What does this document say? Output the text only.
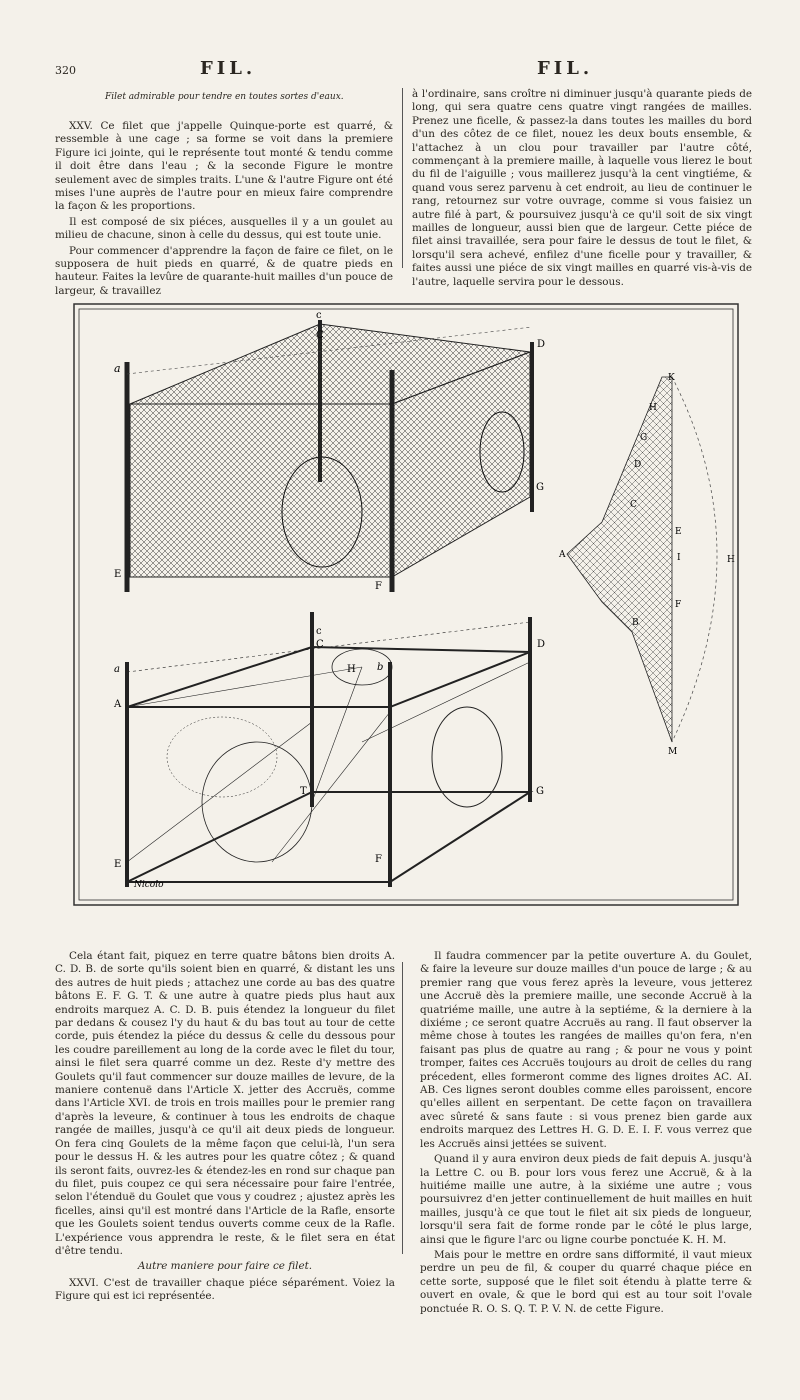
320	FIL.	FIL.
Filet admirable pour tendre en toutes sortes d'eaux.

XXV. Ce filet que j'appelle Quinque-porte est quarré, & ressemble à une cage ; sa forme se voit dans la premiere Figure ici jointe, qui le représente tout monté & tendu comme il doit être dans l'eau ; & la seconde Figure le montre seulement avec de simples traits. L'une & l'autre Figure ont été mises l'une auprès de l'autre pour en mieux faire comprendre la façon & les proportions.

Il est composé de six piéces, ausquelles il y a un goulet au milieu de chacune, sinon à celle du dessus, qui est toute unie.

Pour commencer d'apprendre la façon de faire ce filet, on le supposera de huit pieds en quarré, & de quatre pieds en hauteur. Faites la levûre de quarante-huit mailles d'un pouce de largeur, & travaillez

à l'ordinaire, sans croître ni diminuer jusqu'à quarante pieds de long, qui sera quatre cens quatre vingt rangées de mailles. Prenez une ficelle, & passez-la dans toutes les mailles du bord d'un des côtez de ce filet, nouez les deux bouts ensemble, & l'attachez à un clou pour travailler par l'autre côté, commençant à la premiere maille, à laquelle vous lierez le bout du fil de l'aiguille ; vous maillerez jusqu'à la cent vingtiéme, & quand vous serez parvenu à cet endroit, au lieu de continuer le rang, retournez sur votre ouvrage, comme si vous faisiez un autre filé à part, & poursuivez jusqu'à ce qu'il soit de six vingt mailles de longueur, aussi bien que de largeur. Cette piéce de filet ainsi travaillée, sera pour faire le dessus de tout le filet, & lorsqu'il sera achevé, enfilez d'une ficelle pour y travailler, & faites aussi une piéce de six vingt mailles en quarré vis-à-vis de l'autre, laquelle servira pour le dessous.

a
c
C
D
E
F
G
c
C	D
H b
a
A
T	G
F
E
Nicolo
K
H
G
D
C
E
A	I	H
F
B
M

Cela étant fait, piquez en terre quatre bâtons bien droits A. C. D. B. de sorte qu'ils soient bien en quarré, & distant les uns des autres de huit pieds ; attachez une corde au bas des quatre bâtons E. F. G. T. & une autre à quatre pieds plus haut aux endroits marquez A. C. D. B. puis étendez la longueur du filet par dedans & cousez l'y du haut & du bas tout au tour de cette corde, puis étendez la piéce du dessus & celle du dessous pour les coudre pareillement au long de la corde avec le filet du tour, ainsi le filet sera quarré comme un dez. Reste d'y mettre des Goulets qu'il faut commencer sur douze mailles de levure, de la maniere contenuë dans l'Article X. jetter des Accruës, comme dans l'Article XVI. de trois en trois mailles pour le premier rang d'après la leveure, & continuer à tous les endroits de chaque rangée de mailles, jusqu'à ce qu'il ait deux pieds de longueur. On fera cinq Goulets de la même façon que celui-là, l'un sera pour le dessus H. & les autres pour les quatre côtez ; & quand ils seront faits, ouvrez-les & étendez-les en rond sur chaque pan du filet, puis coupez ce qui sera nécessaire pour faire l'entrée, selon l'étenduë du Goulet que vous y coudrez ; ajustez après les ficelles, ainsi qu'il est montré dans l'Article de la Rafle, ensorte que les Goulets soient tendus ouverts comme ceux de la Rafle. L'expérience vous apprendra le reste, & le filet sera en état d'être tendu.

Autre maniere pour faire ce filet.

XXVI. C'est de travailler chaque piéce séparément. Voiez la Figure qui est ici représentée.

Il faudra commencer par la petite ouverture A. du Goulet, & faire la leveure sur douze mailles d'un pouce de large ; & au premier rang que vous ferez après la leveure, vous jetterez une Accruë dès la premiere maille, une seconde Accruë à la quatriéme maille, une autre à la septiéme, & la derniere à la dixiéme ; ce seront quatre Accruës au rang. Il faut observer la même chose à toutes les rangées de mailles qu'on fera, n'en faisant pas plus de quatre au rang ; & pour ne vous y point tromper, faites ces Accruës toujours au droit de celles du rang précedent, elles formeront comme des lignes droites AC. AI. AB. Ces lignes seront doubles comme elles paroissent, encore qu'elles aillent en serpentant. De cette façon on travaillera avec sûreté & sans faute : si vous prenez bien garde aux endroits marquez des Lettres H. G. D. E. I. F. vous verrez que les Accruës ainsi jettées se suivent.

Quand il y aura environ deux pieds de fait depuis A. jusqu'à la Lettre C. ou B. pour lors vous ferez une Accruë, & à la huitiéme maille une autre, à la sixiéme une autre ; vous poursuivrez d'en jetter continuellement de huit mailles en huit mailles, jusqu'à ce que tout le filet ait six pieds de longueur, lorsqu'il sera fait de forme ronde par le côté le plus large, ainsi que le figure l'arc ou ligne courbe ponctuée K. H. M.

Mais pour le mettre en ordre sans difformité, il vaut mieux perdre un peu de fil, & couper du quarré chaque piéce en cette sorte, supposé que le filet soit étendu à platte terre & ouvert en ovale, & que le bord qui est au tour soit l'ovale ponctuée R. O. S. Q. T. P. V. N. de cette Figure.
